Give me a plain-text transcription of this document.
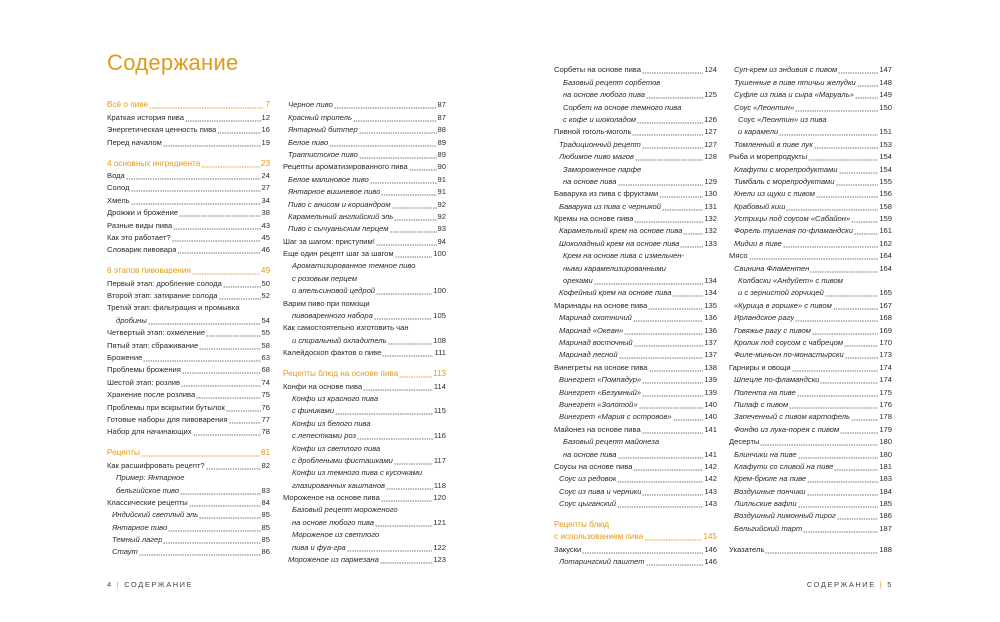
Содержание
Всё о пиве	7
Краткая история пива	12
Энергетическая ценность пива	16
Перед началом	19
4 основных ингредиента	23
Вода	24
Солод	27
Хмель	34
Дрожжи и брожение	38
Разные виды пива	43
Как это работает?	45
Словарик пивовара	46
6 этапов пивоварения	49
Первый этап: дробление солода	50
Второй этап: затирание солода	52
Третий этап: фильтрация и промывка
дробины	54
Четвертый этап: охмеление	55
Пятый этап: сбраживание	58
Брожение	63
Проблемы брожения	68
Шестой этап: розлив	74
Хранение после розлива	75
Проблемы при вскрытии бутылок	76
Готовые наборы для пивоварения	77
Набор для начинающих	78
Рецепты	81
Как расшифровать рецепт?	82
Пример: Янтарное
бельгийское пиво	83
Классические рецепты	84
Индийский светлый эль	85
Янтарное пиво	85
Темный лагер	85
Стаут	86
Черное пиво	87
Красный трипель	87
Янтарный биттер	88
Белое пиво	89
Траппистское пиво	89
Рецепты ароматизированного пива	90
Белое малиновое пиво	91
Янтарное вишневое пиво	91
Пиво с анисом и кориандром	92
Карамельный английский эль	92
Пиво с сычуаньским перцем	93
Шаг за шагом: приступим!	94
Еще один рецепт шаг за шагом	100
Ароматизированное темное пиво
с розовым перцем
и апельсиновой цедрой	100
Варим пиво при помощи
пивоваренного набора	105
Как самостоятельно изготовить чан
и спиральный охладитель	108
Калейдоскоп фактов о пиве	111
Рецепты блюд на основе пива	113
Конфи на основе пива	114
Конфи из красного пива
с финиками	115
Конфи из белого пива
с лепестками роз	116
Конфи из светлого пива
с дроблеными фисташками	117
Конфи из темного пива с кусочками
глазированных каштанов	118
Мороженое на основе пива	120
Базовый рецепт мороженого
на основе любого пива	121
Мороженое из светлого
пива и фуа-гра	122
Мороженое из пармезана	123
Сорбеты на основе пива	124
Базовый рецепт сорбетов
на основе любого пива	125
Сорбет на основе темного пива
с кофе и шоколадом	126
Пивной гоголь-моголь	127
Традиционный рецепт	127
Любимое пиво магов	128
Замороженное парфе
на основе пива	129
Баварука из пива с фруктами	130
Баварука из пива с черникой	131
Кремы на основе пива	132
Карамельный крем на основе пива	132
Шоколадный крем на основе пива	133
Крем на основе пива с измельчен-
ными карамелизированными
орехами	134
Кофейный крем на основе пива	134
Маринады на основе пива	135
Маринад охотничий	136
Маринад «Океан»	136
Маринад восточный	137
Маринад лесной	137
Винегреты на основе пива	138
Винегрет «Помпадур»	139
Винегрет «Безумный»	139
Винегрет «Золотой»	140
Винегрет «Мария с островов»	140
Майонез на основе пива	141
Базовый рецепт майонеза
на основе пива	141
Соусы на основе пива	142
Соус из редовок	142
Соус из пива и черники	143
Соус цыганский	143
Рецепты блюд
с использованием пива	145
Закуски	146
Лотарингский паштет	146
Суп-крем из эндивия с пивом	147
Тушенные в пиве птичьи желудки	148
Суфле из пива и сыра «Маруаль»	149
Соус «Леонтин»	150
Соус «Леонтин» из пива
и карамели	151
Томленный в пиве лук	153
Рыба и морепродукты	154
Клафути с морепродуктами	154
Тимбаль с морепродуктами	155
Кнели из щуки с пивом	156
Крабовый киш	158
Устрицы под соусом «Сабайон»	159
Форель тушеная по-фламандски	161
Мидии в пиве	162
Мясо	164
Свинина Фламентен	164
Колбаски «Андуйет» с пивом
и с зернистой горчицей	165
«Курица в горшке» с пивом	167
Ирландское рагу	168
Говяжье рагу с пивом	169
Кролик под соусом с чабрецом	170
Филе-миньон по-монастырски	173
Гарниры и овощи	174
Шпецле по-фламандски	174
Полента на пиве	175
Пилаф с пивом	176
Запеченный с пивом картофель	178
Фондю из лука-порея с пивом	179
Десерты	180
Блинчики на пиве	180
Клафути со сливой на пиве	181
Крем-брюле на пиве	183
Воздушные пончики	184
Лилльские вафли	185
Воздушный лимонный пирог	186
Бельгийский тарт	187
Указатель	188
4 | СОДЕРЖАНИЕ	СОДЕРЖАНИЕ | 5
